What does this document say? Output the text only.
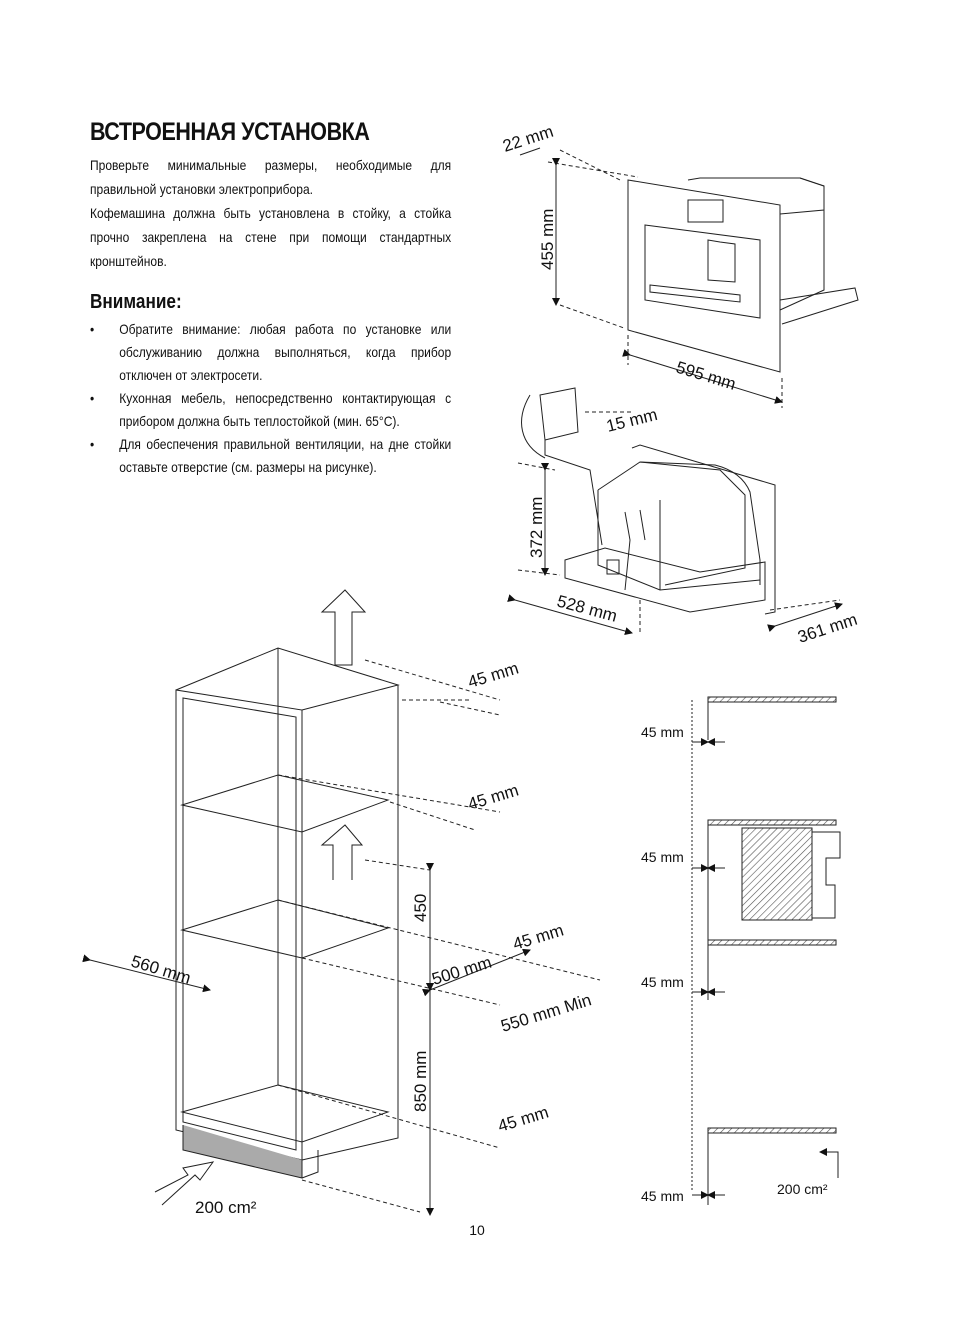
ВСТРОЕННАЯ УСТАНОВКА

Проверьте минимальные размеры, необходимые для правильной установки электроприбора.

Кофемашина должна быть установлена в стойку, а стойка прочно закреплена на стене при помощи стандартных кронштейнов.

Внимание:
• Обратите внимание: любая работа по установке или обслуживанию должна выполняться, когда прибор отключен от электросети.
• Кухонная мебель, непосредственно контактирующая с прибором должна быть теплостойкой (мин. 65°C).
• Для обеспечения правильной вентиляции, на дне стойки оставьте отверстие (см. размеры на рисунке).
22 mm
455 mm
595 mm
15 mm
372 mm
528 mm
361 mm
45 mm
45 mm
450
45 mm
560 mm	500 mm
550 mm Min
850 mm
45 mm
200 cm²
45 mm
45 mm
45 mm
45 mm	200 cm²
10
